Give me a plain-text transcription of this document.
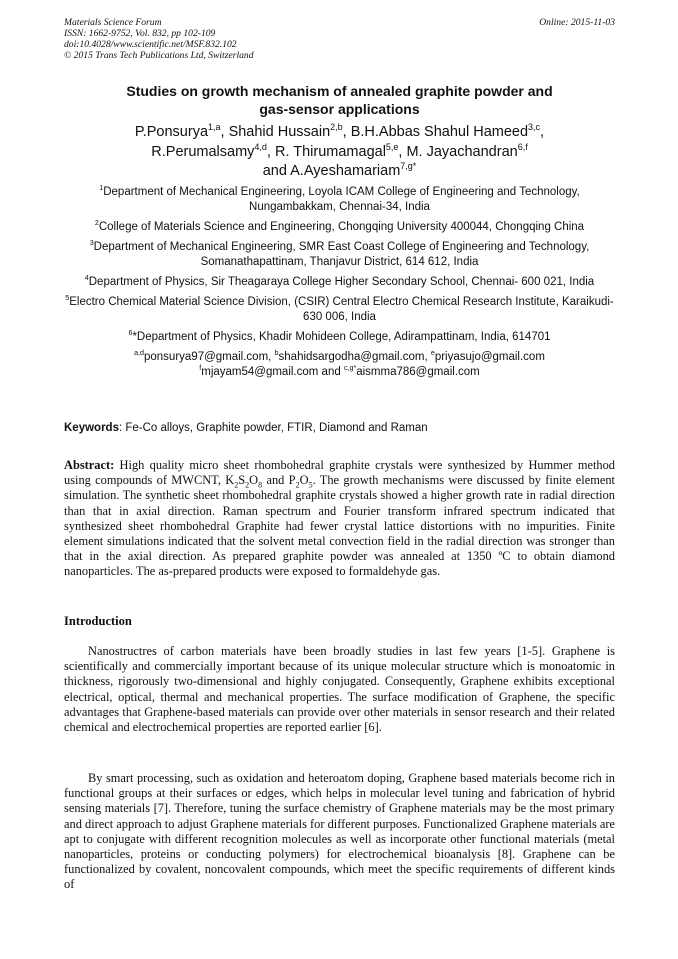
Materials Science Forum
ISSN: 1662-9752, Vol. 832, pp 102-109
doi:10.4028/www.scientific.net/MSF.832.102
© 2015 Trans Tech Publications Ltd, Switzerland
Online: 2015-11-03
Studies on growth mechanism of annealed graphite powder and
gas-sensor applications
P.Ponsurya$^{1,a}$, Shahid Hussain$^{2,b}$, B.H.Abbas Shahul Hameed$^{3,c}$,
R.Perumalsamy$^{4,d}$, R. Thirumamagal$^{5,e}$, M. Jayachandran$^{6,f}$
and A.Ayeshamariam$^{7,g*}$
$^1$Department of Mechanical Engineering, Loyola ICAM College of Engineering and Technology, Nungambakkam, Chennai-34, India
$^2$College of Materials Science and Engineering, Chongqing University 400044, Chongqing China
$^3$Department of Mechanical Engineering, SMR East Coast College of Engineering and Technology, Somanathapattinam, Thanjavur District, 614 612, India
$^4$Department of Physics, Sir Theagaraya College Higher Secondary School, Chennai- 600 021, India
$^5$Electro Chemical Material Science Division, (CSIR) Central Electro Chemical Research Institute, Karaikudi-630 006, India
$^6$*Department of Physics, Khadir Mohideen College, Adirampattinam, India, 614701
$^{a,d}$ponsurya97@gmail.com, $^b$shahidsargodha@gmail.com, $^e$priyasujo@gmail.com
$^f$mjayam54@gmail.com and $^{c,g*}$aismma786@gmail.com
Keywords: Fe-Co alloys, Graphite powder, FTIR, Diamond and Raman
Abstract: High quality micro sheet rhombohedral graphite crystals were synthesized by Hummer method using compounds of MWCNT, $K_2S_2O_8$ and $P_2O_5$. The growth mechanisms were discussed by finite element simulation. The synthetic sheet rhombohedral graphite crystals showed a higher growth rate in radial direction than that in axial direction. Raman spectrum and Fourier transform infrared spectrum indicated that synthesized sheet rhombohedral Graphite had fewer crystal lattice distortions with no impurities. Finite element simulations indicated that the solvent metal convection field in the radial direction was stronger than that in the axial direction. As prepared graphite powder was annealed at 1350 ºC to obtain diamond nanoparticles. The as-prepared products were exposed to formaldehyde gas.
Introduction

Nanostructres of carbon materials have been broadly studies in last few years [1-5]. Graphene is scientifically and commercially important because of its unique molecular structure which is monoatomic in thickness, rigorously two-dimensional and highly conjugated. Consequently, Graphene exhibits exceptional electrical, optical, thermal and mechanical properties. The surface modification of Graphene, the specific advantages that Graphene-based materials can provide over other materials in sensor research and their related chemical and electrochemical properties are reported earlier [6].

By smart processing, such as oxidation and heteroatom doping, Graphene based materials become rich in functional groups at their surfaces or edges, which helps in molecular level tuning and fabrication of hybrid sensing materials [7]. Therefore, tuning the surface chemistry of Graphene materials may be the most primary and direct approach to adjust Graphene materials for different purposes. Functionalized Graphene materials are apt to conjugate with different recognition molecules as well as incorporate other functional materials (metal nanoparticles, proteins or conducting polymers) for electrochemical bioanalysis [8]. Graphene can be functionalized by covalent, noncovalent compounds, which meet the specific requirements of different kinds of
